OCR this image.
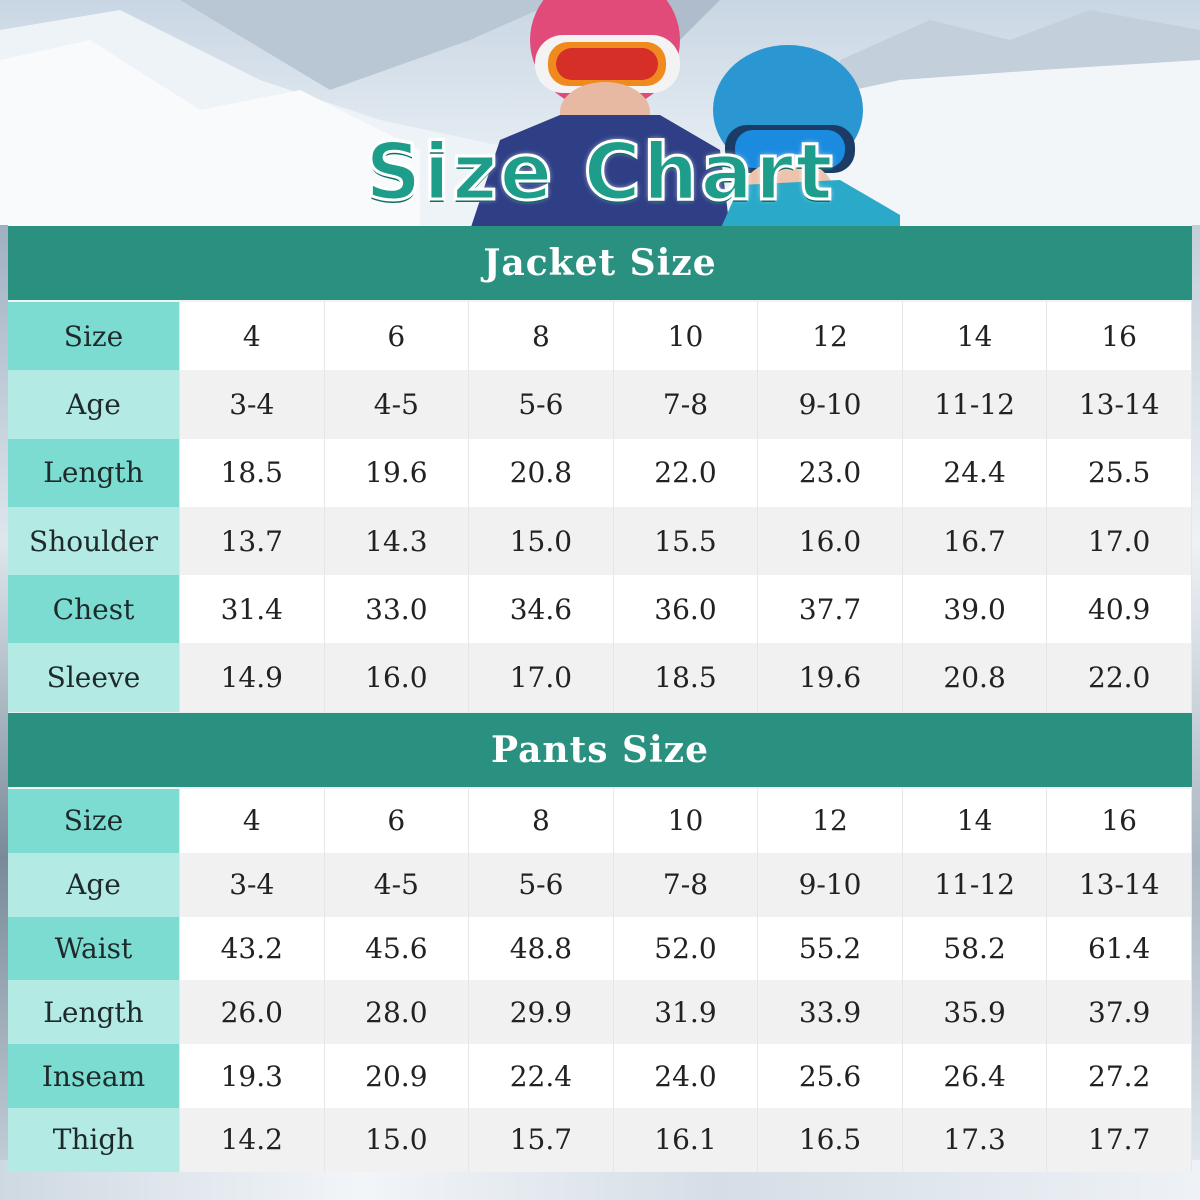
Size Chart
Jacket Size
Size	4	6	8	10	12	14	16
Age	3-4	4-5	5-6	7-8	9-10	11-12	13-14
Length	18.5	19.6	20.8	22.0	23.0	24.4	25.5
Shoulder	13.7	14.3	15.0	15.5	16.0	16.7	17.0
Chest	31.4	33.0	34.6	36.0	37.7	39.0	40.9
Sleeve	14.9	16.0	17.0	18.5	19.6	20.8	22.0
Pants Size
Size	4	6	8	10	12	14	16
Age	3-4	4-5	5-6	7-8	9-10	11-12	13-14
Waist	43.2	45.6	48.8	52.0	55.2	58.2	61.4
Length	26.0	28.0	29.9	31.9	33.9	35.9	37.9
Inseam	19.3	20.9	22.4	24.0	25.6	26.4	27.2
Thigh	14.2	15.0	15.7	16.1	16.5	17.3	17.7
